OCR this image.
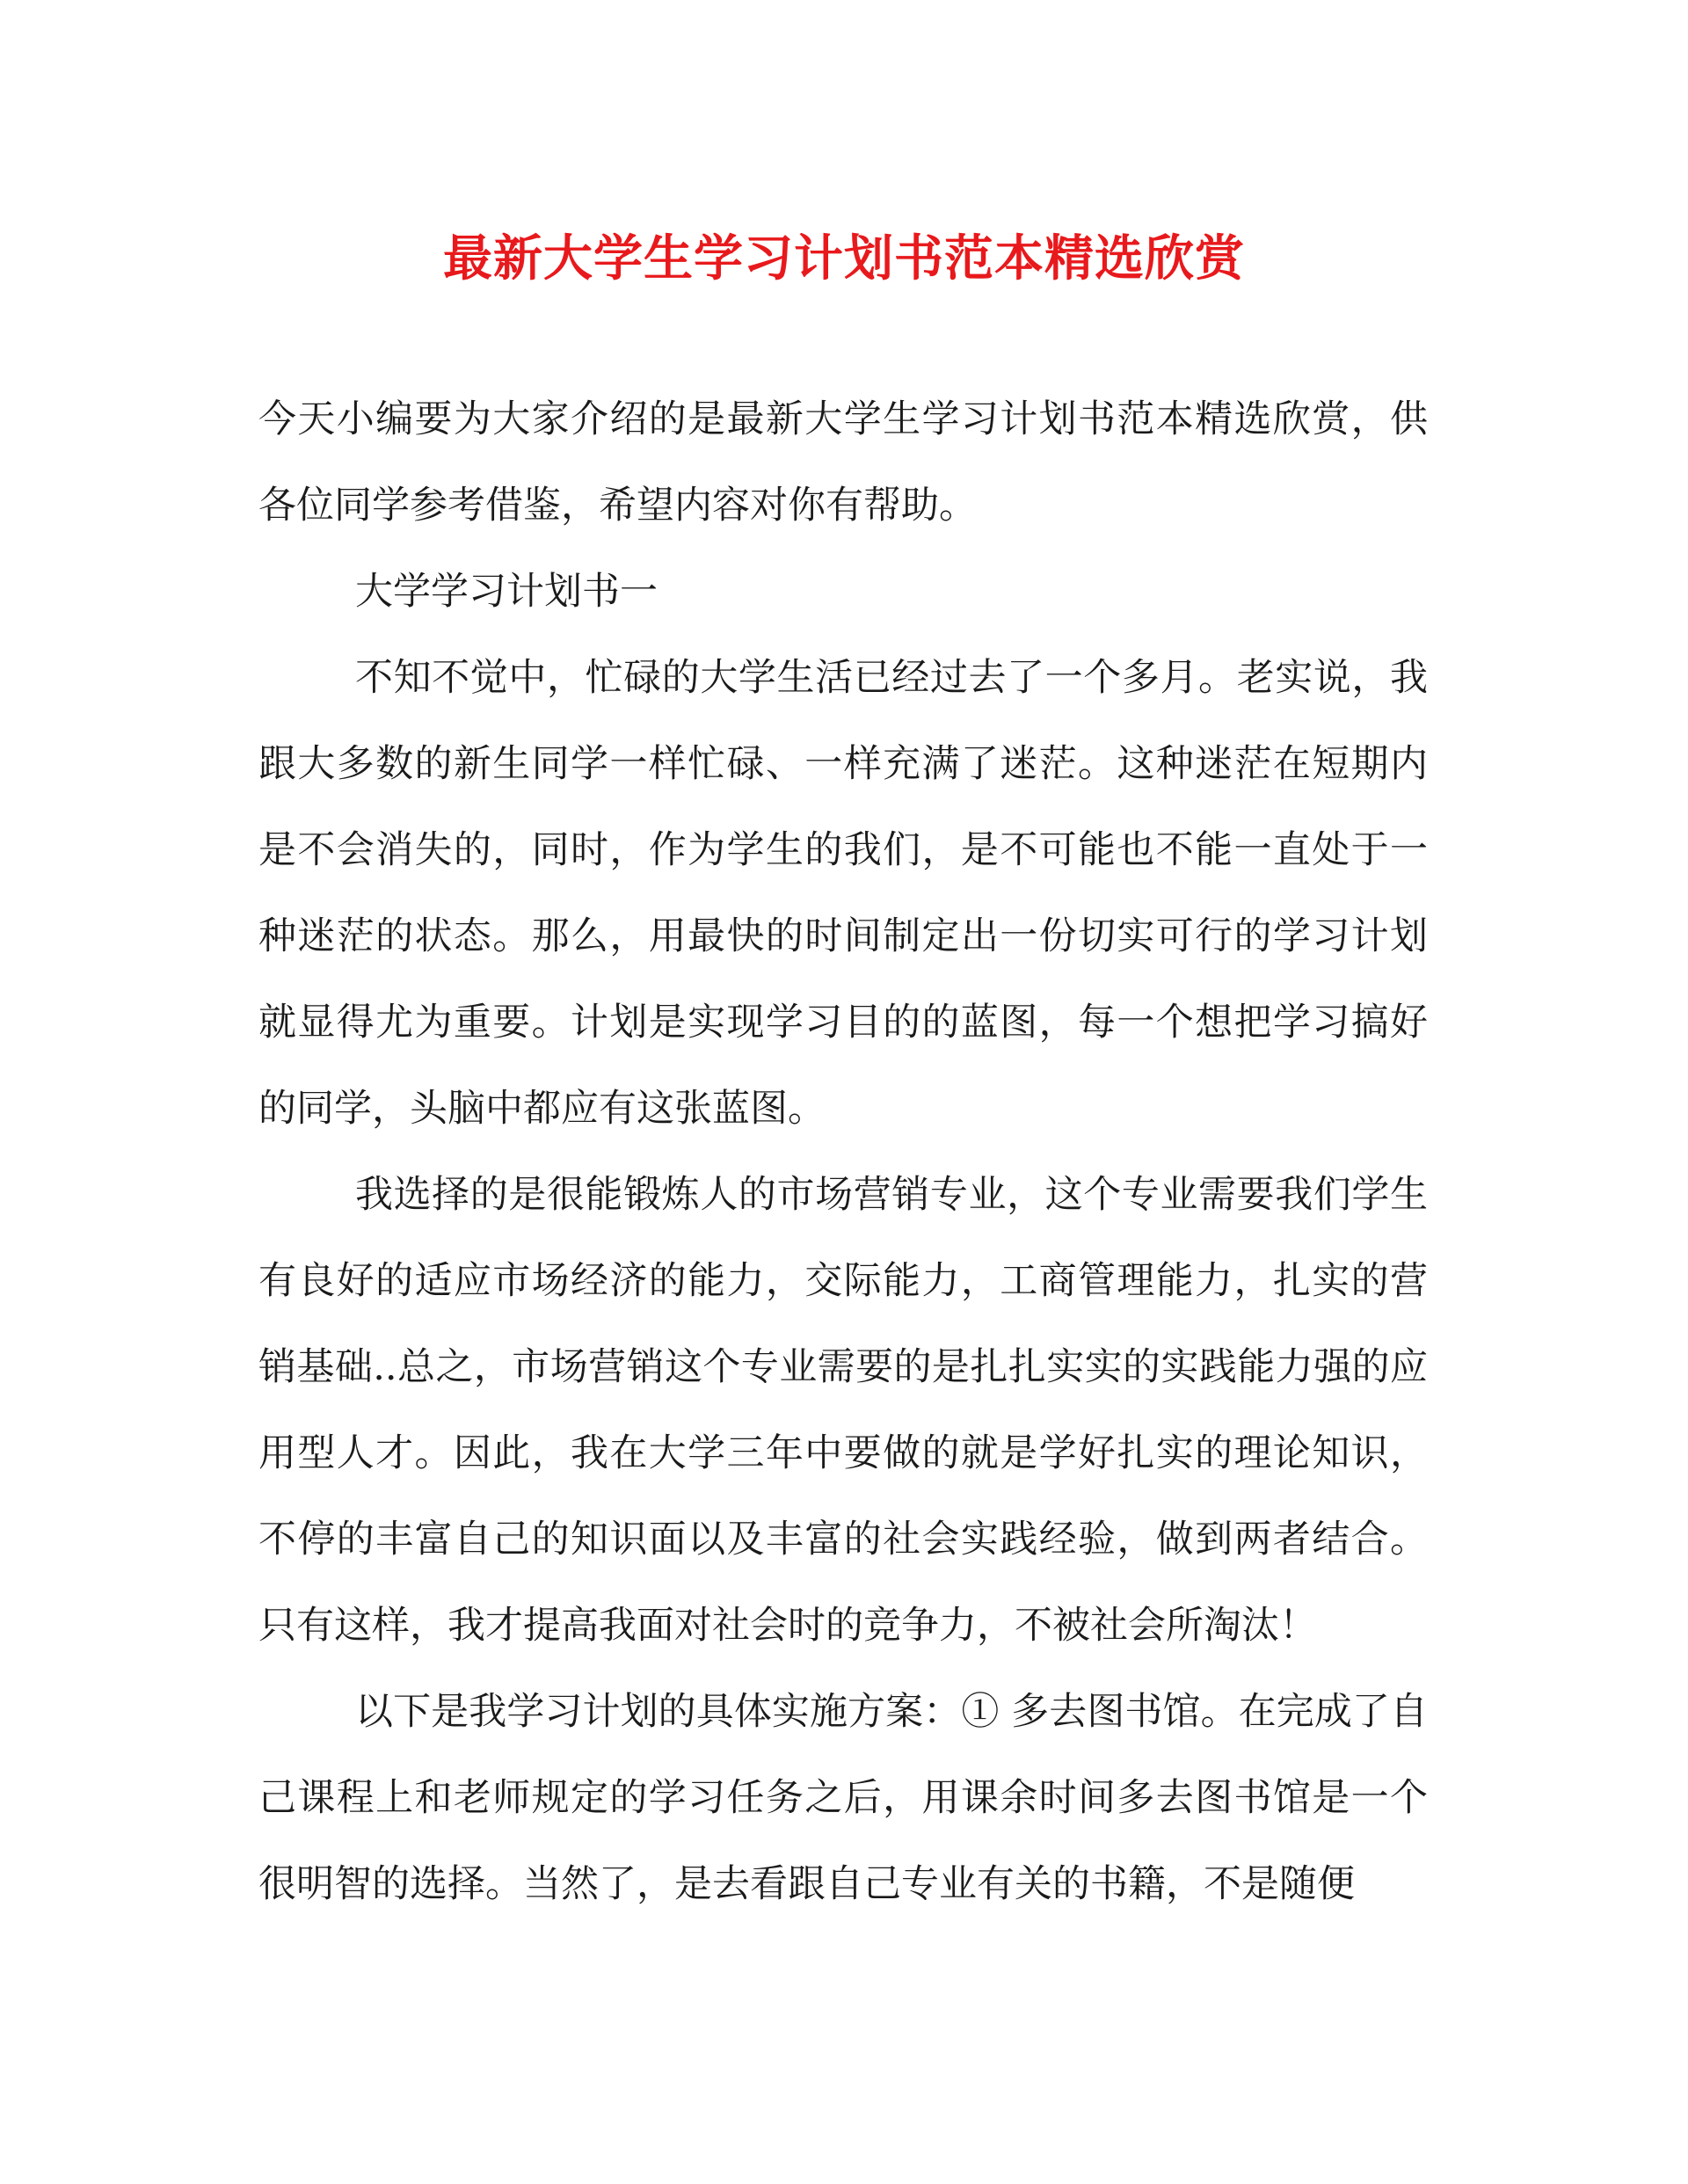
最新大学生学习计划书范本精选欣赏

今天小编要为大家介绍的是最新大学生学习计划书范本精选欣赏，供各位同学参考借鉴，希望内容对你有帮助。

大学学习计划书一

不知不觉中，忙碌的大学生活已经过去了一个多月。老实说，我跟大多数的新生同学一样忙碌、一样充满了迷茫。这种迷茫在短期内是不会消失的，同时，作为学生的我们，是不可能也不能一直处于一种迷茫的状态。那么，用最快的时间制定出一份切实可行的学习计划就显得尤为重要。计划是实现学习目的的蓝图，每一个想把学习搞好的同学，头脑中都应有这张蓝图。

我选择的是很能锻炼人的市场营销专业，这个专业需要我们学生有良好的适应市场经济的能力，交际能力，工商管理能力，扎实的营销基础..总之，市场营销这个专业需要的是扎扎实实的实践能力强的应用型人才。因此，我在大学三年中要做的就是学好扎实的理论知识，不停的丰富自己的知识面以及丰富的社会实践经验，做到两者结合。只有这样，我才提高我面对社会时的竞争力，不被社会所淘汰！

以下是我学习计划的具体实施方案：① 多去图书馆。在完成了自己课程上和老师规定的学习任务之后，用课余时间多去图书馆是一个很明智的选择。当然了，是去看跟自己专业有关的书籍，不是随便
